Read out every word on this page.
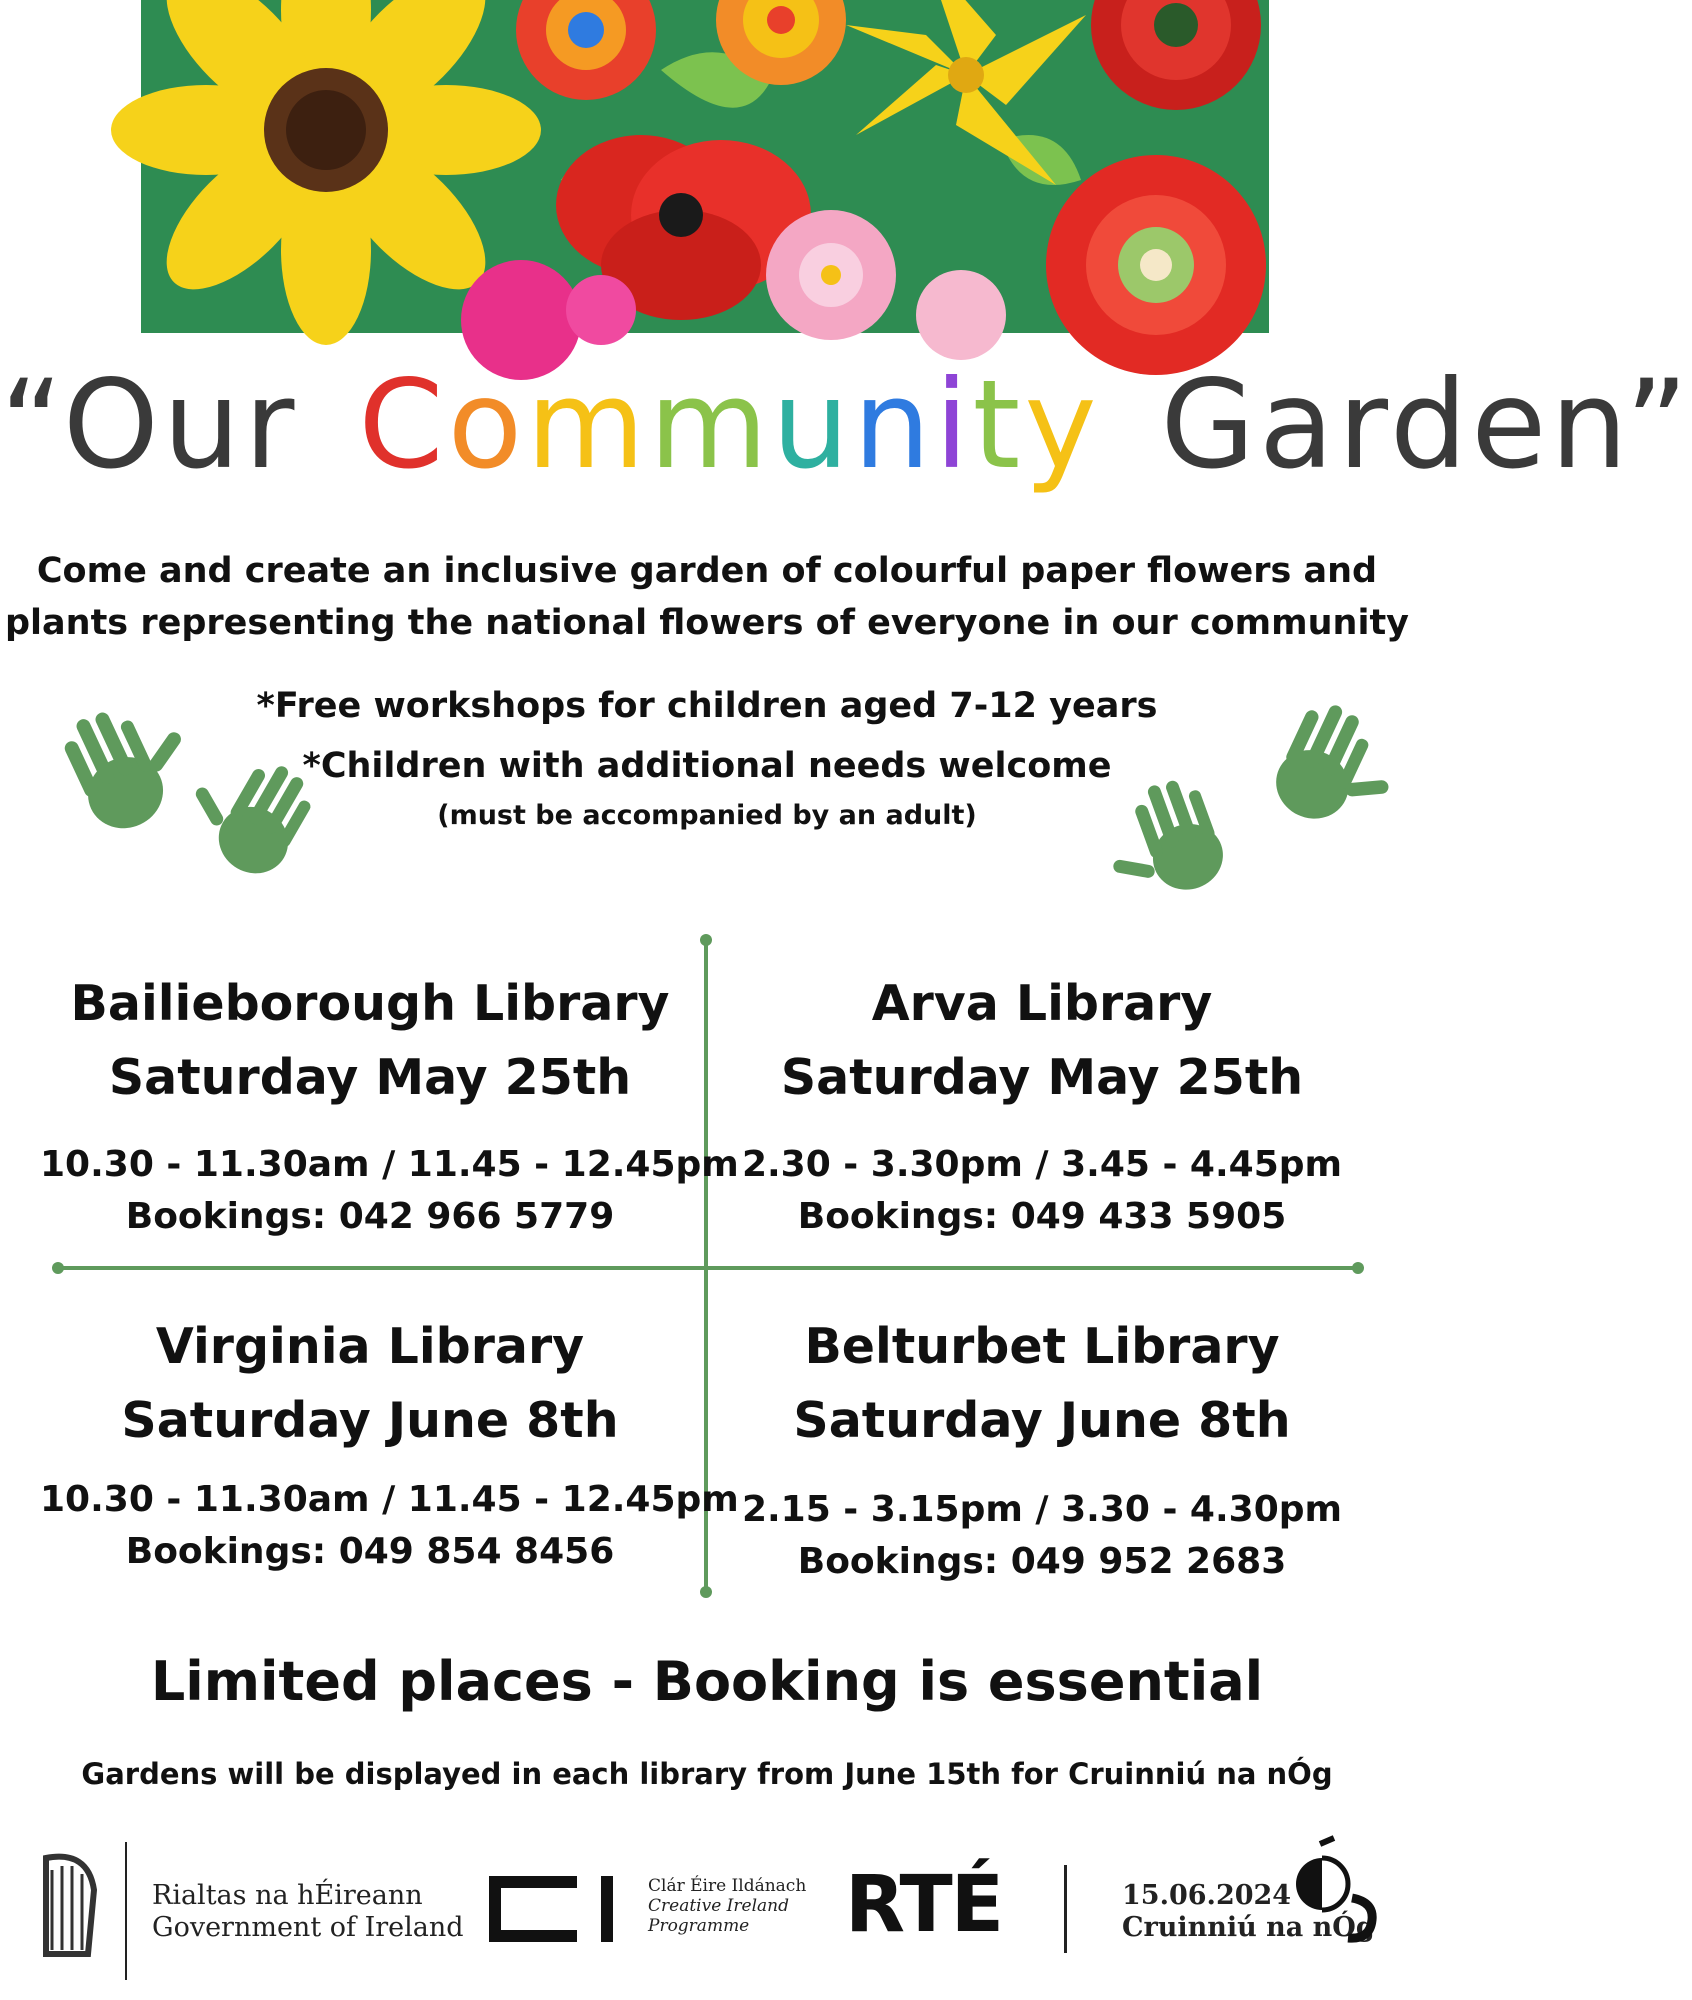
“Our Community Garden”
Come and create an inclusive garden of colourful paper flowers and
plants representing the national flowers of everyone in our community
*Free workshops for children aged 7-12 years
*Children with additional needs welcome
(must be accompanied by an adult)
Bailieborough Library
Saturday May 25th
10.30 - 11.30am / 11.45 - 12.45pm
Bookings: 042 966 5779
Arva Library
Saturday May 25th
2.30 - 3.30pm / 3.45 - 4.45pm
Bookings: 049 433 5905
Virginia Library
Saturday June 8th
10.30 - 11.30am / 11.45 - 12.45pm
Bookings: 049 854 8456
Belturbet Library
Saturday June 8th
2.15 - 3.15pm / 3.30 - 4.30pm
Bookings: 049 952 2683
Limited places - Booking is essential
Gardens will be displayed in each library from June 15th for Cruinniú na nÓg
Rialtas na hÉireann
Government of Ireland
Clár Éire Ildánach
Creative Ireland
Programme	RTÉ	15.06.2024
Cruinniú na nÓg
